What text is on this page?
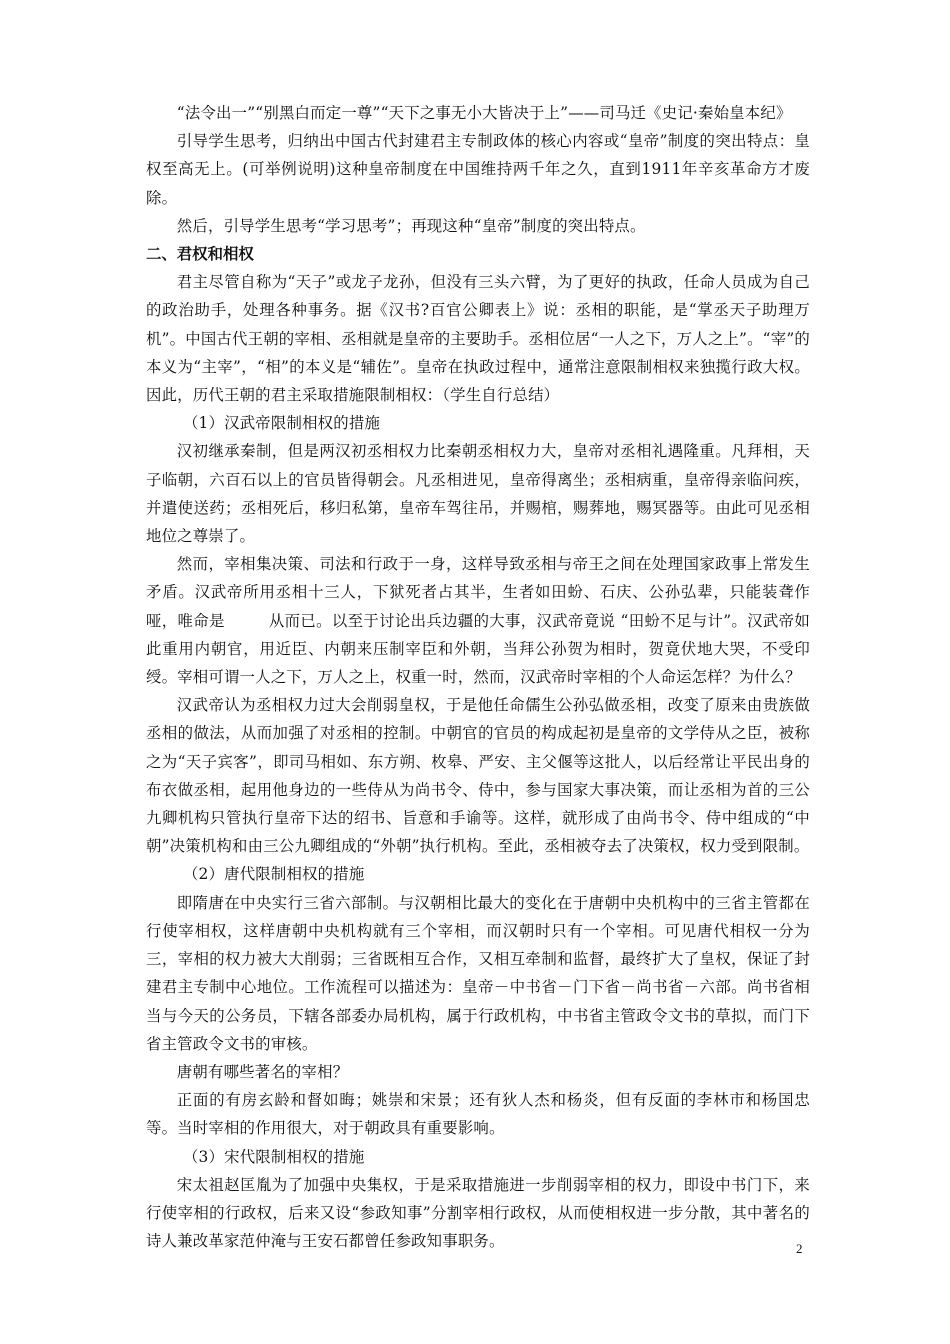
“法令出一”“别黑白而定一尊”“天下之事无小大皆决于上”——司马迁《史记·秦始皇本纪》

引导学生思考，归纳出中国古代封建君主专制政体的核心内容或“皇帝”制度的突出特点：皇权至高无上。(可举例说明)这种皇帝制度在中国维持两千年之久，直到1911年辛亥革命方才废除。

然后，引导学生思考“学习思考”；再现这种“皇帝”制度的突出特点。

二、君权和相权

君主尽管自称为“天子”或龙子龙孙，但没有三头六臂，为了更好的执政，任命人员成为自己的政治助手，处理各种事务。据《汉书?百官公卿表上》说：丞相的职能，是“掌丞天子助理万机”。中国古代王朝的宰相、丞相就是皇帝的主要助手。丞相位居“一人之下，万人之上”。“宰”的本义为“主宰”，“相”的本义是“辅佐”。皇帝在执政过程中，通常注意限制相权来独揽行政大权。因此，历代王朝的君主采取措施限制相权：（学生自行总结）

（1）汉武帝限制相权的措施

汉初继承秦制，但是两汉初丞相权力比秦朝丞相权力大，皇帝对丞相礼遇隆重。凡拜相，天子临朝，六百石以上的官员皆得朝会。凡丞相进见，皇帝得离坐；丞相病重，皇帝得亲临问疾，并遣使送药；丞相死后，移归私第，皇帝车驾往吊，并赐棺，赐葬地，赐冥器等。由此可见丞相地位之尊崇了。

然而，宰相集决策、司法和行政于一身，这样导致丞相与帝王之间在处理国家政事上常发生矛盾。汉武帝所用丞相十三人，下狱死者占其半，生者如田蚡、石庆、公孙弘辈，只能装聋作哑，唯命是	从而已。以至于讨论出兵边疆的大事，汉武帝竟说 “田蚡不足与计”。汉武帝如此重用内朝官，用近臣、内朝来压制宰臣和外朝，当拜公孙贺为相时，贺竟伏地大哭，不受印绶。宰相可谓一人之下，万人之上，权重一时，然而，汉武帝时宰相的个人命运怎样？为什么？

汉武帝认为丞相权力过大会削弱皇权，于是他任命儒生公孙弘做丞相，改变了原来由贵族做丞相的做法，从而加强了对丞相的控制。中朝官的官员的构成起初是皇帝的文学侍从之臣，被称之为“天子宾客”，即司马相如、东方朔、枚皋、严安、主父偃等这批人，以后经常让平民出身的布衣做丞相，起用他身边的一些侍从为尚书令、侍中，参与国家大事决策，而让丞相为首的三公九卿机构只管执行皇帝下达的绍书、旨意和手谕等。这样，就形成了由尚书令、侍中组成的“中朝”决策机构和由三公九卿组成的“外朝”执行机构。至此，丞相被夺去了决策权，权力受到限制。

（2）唐代限制相权的措施

即隋唐在中央实行三省六部制。与汉朝相比最大的变化在于唐朝中央机构中的三省主管都在行使宰相权，这样唐朝中央机构就有三个宰相，而汉朝时只有一个宰相。可见唐代相权一分为三，宰相的权力被大大削弱；三省既相互合作，又相互牵制和监督，最终扩大了皇权，保证了封建君主专制中心地位。工作流程可以描述为：皇帝－中书省－门下省－尚书省－六部。尚书省相当与今天的公务员，下辖各部委办局机构，属于行政机构，中书省主管政令文书的草拟，而门下省主管政令文书的审核。

唐朝有哪些著名的宰相？

正面的有房玄龄和督如晦；姚崇和宋景；还有狄人杰和杨炎，但有反面的李林市和杨国忠等。当时宰相的作用很大，对于朝政具有重要影响。

（3）宋代限制相权的措施

宋太祖赵匡胤为了加强中央集权，于是采取措施进一步削弱宰相的权力，即设中书门下，来行使宰相的行政权，后来又设“参政知事”分割宰相行政权，从而使相权进一步分散，其中著名的诗人兼改革家范仲淹与王安石都曾任参政知事职务。	2
